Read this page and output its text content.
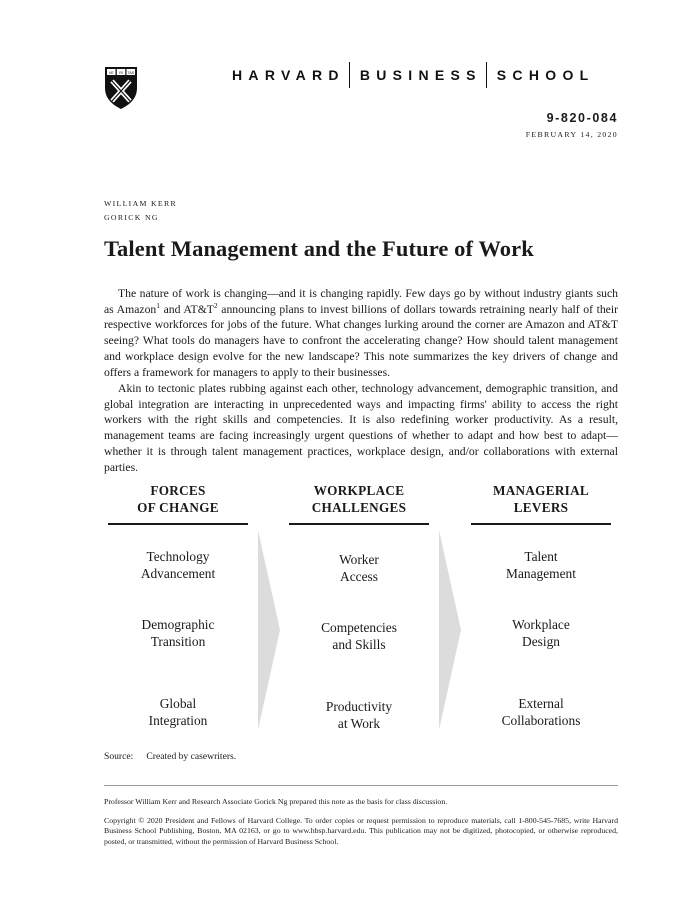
VE RI TAS	HARVARD BUSINESS SCHOOL
9-820-084
FEBRUARY 14, 2020
WILLIAM KERR
GORICK NG
Talent Management and the Future of Work

The nature of work is changing—and it is changing rapidly. Few days go by without industry giants such as Amazon$^1$ and $AT\&T^2$ announcing plans to invest billions of dollars towards retraining nearly half of their respective workforces for jobs of the future. What changes lurking around the corner are Amazon and AT&T seeing? What tools do managers have to confront the accelerating change? How should talent management and workplace design evolve for the new landscape? This note summarizes the key drivers of change and offers a framework for managers to apply to their businesses.

Akin to tectonic plates rubbing against each other, technology advancement, demographic transition, and global integration are interacting in unprecedented ways and impacting firms' ability to access the right workers with the right skills and competencies. It is also redefining worker productivity. As a result, management teams are facing increasingly urgent questions of whether to adapt and how best to adapt—whether it is through talent management practices, workplace design, and/or collaborations with external parties.

FORCES
OF CHANGE
Technology
Advancement
Demographic
Transition
Global
Integration
WORKPLACE
CHALLENGES
Worker
Access
Competencies
and Skills
Productivity
at Work
MANAGERIAL
LEVERS
Talent
Management
Workplace
Design
External
Collaborations
Source: Created by casewriters.

Professor William Kerr and Research Associate Gorick Ng prepared this note as the basis for class discussion.

Copyright © 2020 President and Fellows of Harvard College. To order copies or request permission to reproduce materials, call 1-800-545-7685, write Harvard Business School Publishing, Boston, MA 02163, or go to www.hbsp.harvard.edu. This publication may not be digitized, photocopied, or otherwise reproduced, posted, or transmitted, without the permission of Harvard Business School.
